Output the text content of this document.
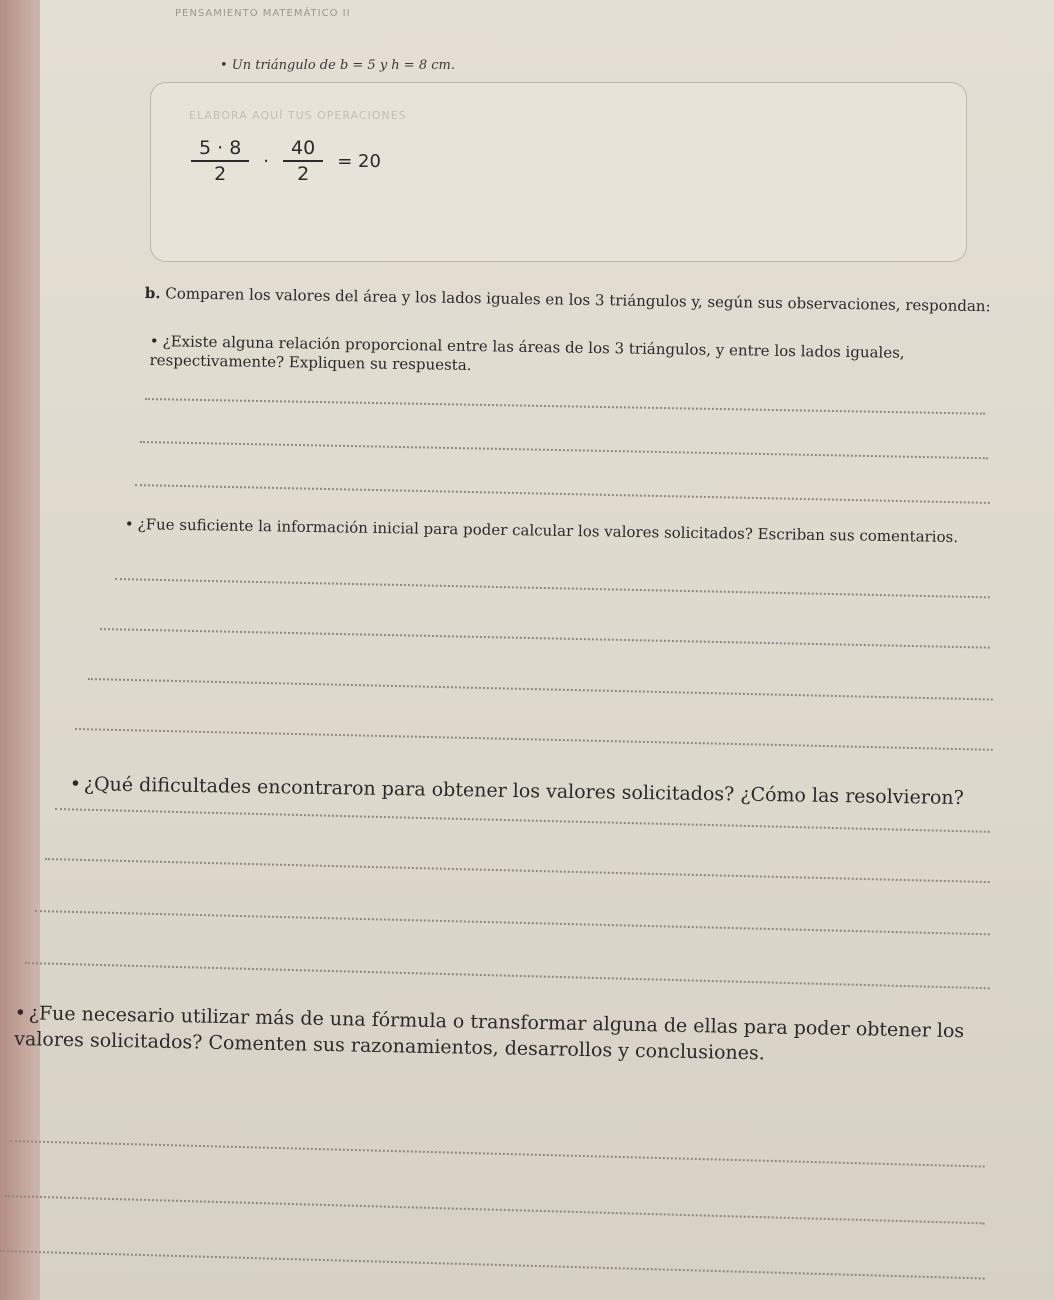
PENSAMIENTO MATEMÁTICO II
• Un triángulo de b = 5 y h = 8 cm.
ELABORA AQUÍ TUS OPERACIONES
$\frac{5 \cdot 8}{2} \cdot \frac{40}{2} = 20$
b. Comparen los valores del área y los lados iguales en los 3 triángulos y, según sus observaciones, respondan:
• ¿Existe alguna relación proporcional entre las áreas de los 3 triángulos, y entre los lados iguales, respectivamente? Expliquen su respuesta.
• ¿Fue suficiente la información inicial para poder calcular los valores solicitados? Escriban sus comentarios.
• ¿Qué dificultades encontraron para obtener los valores solicitados? ¿Cómo las resolvieron?
• ¿Fue necesario utilizar más de una fórmula o transformar alguna de ellas para poder obtener los valores solicitados? Comenten sus razonamientos, desarrollos y conclusiones.
